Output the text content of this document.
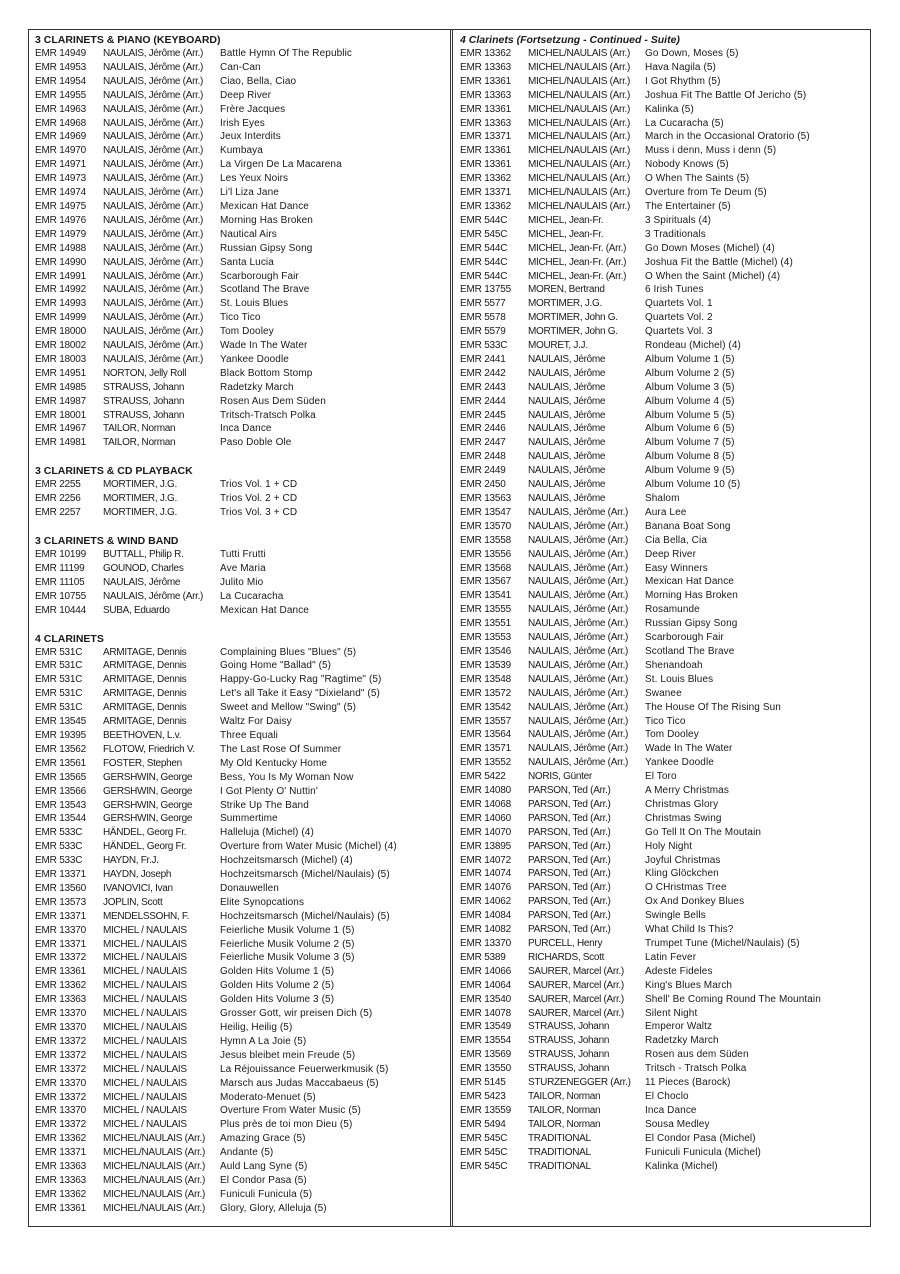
3 CLARINETS & PIANO (KEYBOARD)
EMR 14949	NAULAIS, Jérôme (Arr.)	Battle Hymn Of The Republic
EMR 14953	NAULAIS, Jérôme (Arr.)	Can-Can
EMR 14954	NAULAIS, Jérôme (Arr.)	Ciao, Bella, Ciao
EMR 14955	NAULAIS, Jérôme (Arr.)	Deep River
EMR 14963	NAULAIS, Jérôme (Arr.)	Frère Jacques
EMR 14968	NAULAIS, Jérôme (Arr.)	Irish Eyes
EMR 14969	NAULAIS, Jérôme (Arr.)	Jeux Interdits
EMR 14970	NAULAIS, Jérôme (Arr.)	Kumbaya
EMR 14971	NAULAIS, Jérôme (Arr.)	La Virgen De La Macarena
EMR 14973	NAULAIS, Jérôme (Arr.)	Les Yeux Noirs
EMR 14974	NAULAIS, Jérôme (Arr.)	Li'l Liza Jane
EMR 14975	NAULAIS, Jérôme (Arr.)	Mexican Hat Dance
EMR 14976	NAULAIS, Jérôme (Arr.)	Morning Has Broken
EMR 14979	NAULAIS, Jérôme (Arr.)	Nautical Airs
EMR 14988	NAULAIS, Jérôme (Arr.)	Russian Gipsy Song
EMR 14990	NAULAIS, Jérôme (Arr.)	Santa Lucia
EMR 14991	NAULAIS, Jérôme (Arr.)	Scarborough Fair
EMR 14992	NAULAIS, Jérôme (Arr.)	Scotland The Brave
EMR 14993	NAULAIS, Jérôme (Arr.)	St. Louis Blues
EMR 14999	NAULAIS, Jérôme (Arr.)	Tico Tico
EMR 18000	NAULAIS, Jérôme (Arr.)	Tom Dooley
EMR 18002	NAULAIS, Jérôme (Arr.)	Wade In The Water
EMR 18003	NAULAIS, Jérôme (Arr.)	Yankee Doodle
EMR 14951	NORTON, Jelly Roll	Black Bottom Stomp
EMR 14985	STRAUSS, Johann	Radetzky March
EMR 14987	STRAUSS, Johann	Rosen Aus Dem Süden
EMR 18001	STRAUSS, Johann	Tritsch-Tratsch Polka
EMR 14967	TAILOR, Norman	Inca Dance
EMR 14981	TAILOR, Norman	Paso Doble Ole
3 CLARINETS & CD PLAYBACK
EMR 2255	MORTIMER, J.G.	Trios Vol. 1 + CD
EMR 2256	MORTIMER, J.G.	Trios Vol. 2 + CD
EMR 2257	MORTIMER, J.G.	Trios Vol. 3 + CD
3 CLARINETS & WIND BAND
EMR 10199	BUTTALL, Philip R.	Tutti Frutti
EMR 11199	GOUNOD, Charles	Ave Maria
EMR 11105	NAULAIS, Jérôme	Julito Mio
EMR 10755	NAULAIS, Jérôme (Arr.)	La Cucaracha
EMR 10444	SUBA, Eduardo	Mexican Hat Dance
4 CLARINETS
EMR 531C	ARMITAGE, Dennis	Complaining Blues "Blues" (5)
EMR 531C	ARMITAGE, Dennis	Going Home "Ballad" (5)
EMR 531C	ARMITAGE, Dennis	Happy-Go-Lucky Rag "Ragtime" (5)
EMR 531C	ARMITAGE, Dennis	Let's all Take it Easy "Dixieland" (5)
EMR 531C	ARMITAGE, Dennis	Sweet and Mellow "Swing" (5)
EMR 13545	ARMITAGE, Dennis	Waltz For Daisy
EMR 19395	BEETHOVEN, L.v.	Three Equali
EMR 13562	FLOTOW, Friedrich V.	The Last Rose Of Summer
EMR 13561	FOSTER, Stephen	My Old Kentucky Home
EMR 13565	GERSHWIN, George	Bess, You Is My Woman Now
EMR 13566	GERSHWIN, George	I Got Plenty O' Nuttin'
EMR 13543	GERSHWIN, George	Strike Up The Band
EMR 13544	GERSHWIN, George	Summertime
EMR 533C	HÄNDEL, Georg Fr.	Halleluja (Michel) (4)
EMR 533C	HÄNDEL, Georg Fr.	Overture from Water Music (Michel) (4)
EMR 533C	HAYDN, Fr.J.	Hochzeitsmarsch (Michel) (4)
EMR 13371	HAYDN, Joseph	Hochzeitsmarsch (Michel/Naulais) (5)
EMR 13560	IVANOVICI, Ivan	Donauwellen
EMR 13573	JOPLIN, Scott	Elite Synopcations
EMR 13371	MENDELSSOHN, F.	Hochzeitsmarsch (Michel/Naulais) (5)
EMR 13370	MICHEL / NAULAIS	Feierliche Musik Volume 1 (5)
EMR 13371	MICHEL / NAULAIS	Feierliche Musik Volume 2 (5)
EMR 13372	MICHEL / NAULAIS	Feierliche Musik Volume 3 (5)
EMR 13361	MICHEL / NAULAIS	Golden Hits Volume 1 (5)
EMR 13362	MICHEL / NAULAIS	Golden Hits Volume 2 (5)
EMR 13363	MICHEL / NAULAIS	Golden Hits Volume 3 (5)
EMR 13370	MICHEL / NAULAIS	Grosser Gott, wir preisen Dich (5)
EMR 13370	MICHEL / NAULAIS	Heilig, Heilig (5)
EMR 13372	MICHEL / NAULAIS	Hymn A La Joie (5)
EMR 13372	MICHEL / NAULAIS	Jesus bleibet mein Freude (5)
EMR 13372	MICHEL / NAULAIS	La Réjouissance Feuerwerkmusik (5)
EMR 13370	MICHEL / NAULAIS	Marsch aus Judas Maccabaeus (5)
EMR 13372	MICHEL / NAULAIS	Moderato-Menuet (5)
EMR 13370	MICHEL / NAULAIS	Overture From Water Music (5)
EMR 13372	MICHEL / NAULAIS	Plus près de toi mon Dieu (5)
EMR 13362	MICHEL/NAULAIS (Arr.)	Amazing Grace (5)
EMR 13371	MICHEL/NAULAIS (Arr.)	Andante (5)
EMR 13363	MICHEL/NAULAIS (Arr.)	Auld Lang Syne (5)
EMR 13363	MICHEL/NAULAIS (Arr.)	El Condor Pasa (5)
EMR 13362	MICHEL/NAULAIS (Arr.)	Funiculi Funicula (5)
EMR 13361	MICHEL/NAULAIS (Arr.)	Glory, Glory, Alleluja (5)
4 Clarinets (Fortsetzung - Continued - Suite)
EMR 13362	MICHEL/NAULAIS (Arr.)	Go Down, Moses (5)
EMR 13363	MICHEL/NAULAIS (Arr.)	Hava Nagila (5)
EMR 13361	MICHEL/NAULAIS (Arr.)	I Got Rhythm (5)
EMR 13363	MICHEL/NAULAIS (Arr.)	Joshua Fit The Battle Of Jericho (5)
EMR 13361	MICHEL/NAULAIS (Arr.)	Kalinka (5)
EMR 13363	MICHEL/NAULAIS (Arr.)	La Cucaracha (5)
EMR 13371	MICHEL/NAULAIS (Arr.)	March in the Occasional Oratorio (5)
EMR 13361	MICHEL/NAULAIS (Arr.)	Muss i denn, Muss i denn (5)
EMR 13361	MICHEL/NAULAIS (Arr.)	Nobody Knows (5)
EMR 13362	MICHEL/NAULAIS (Arr.)	O When The Saints (5)
EMR 13371	MICHEL/NAULAIS (Arr.)	Overture from Te Deum (5)
EMR 13362	MICHEL/NAULAIS (Arr.)	The Entertainer (5)
EMR 544C	MICHEL, Jean-Fr.	3 Spirituals (4)
EMR 545C	MICHEL, Jean-Fr.	3 Traditionals
EMR 544C	MICHEL, Jean-Fr. (Arr.)	Go Down Moses (Michel) (4)
EMR 544C	MICHEL, Jean-Fr. (Arr.)	Joshua Fit the Battle (Michel) (4)
EMR 544C	MICHEL, Jean-Fr. (Arr.)	O When the Saint (Michel) (4)
EMR 13755	MOREN, Bertrand	6 Irish Tunes
EMR 5577	MORTIMER, J.G.	Quartets Vol. 1
EMR 5578	MORTIMER, John G.	Quartets Vol. 2
EMR 5579	MORTIMER, John G.	Quartets Vol. 3
EMR 533C	MOURET, J.J.	Rondeau (Michel) (4)
EMR 2441	NAULAIS, Jérôme	Album Volume 1 (5)
EMR 2442	NAULAIS, Jérôme	Album Volume 2 (5)
EMR 2443	NAULAIS, Jérôme	Album Volume 3 (5)
EMR 2444	NAULAIS, Jérôme	Album Volume 4 (5)
EMR 2445	NAULAIS, Jérôme	Album Volume 5 (5)
EMR 2446	NAULAIS, Jérôme	Album Volume 6 (5)
EMR 2447	NAULAIS, Jérôme	Album Volume 7 (5)
EMR 2448	NAULAIS, Jérôme	Album Volume 8 (5)
EMR 2449	NAULAIS, Jérôme	Album Volume 9 (5)
EMR 2450	NAULAIS, Jérôme	Album Volume 10 (5)
EMR 13563	NAULAIS, Jérôme	Shalom
EMR 13547	NAULAIS, Jérôme (Arr.)	Aura Lee
EMR 13570	NAULAIS, Jérôme (Arr.)	Banana Boat Song
EMR 13558	NAULAIS, Jérôme (Arr.)	Cia Bella, Cia
EMR 13556	NAULAIS, Jérôme (Arr.)	Deep River
EMR 13568	NAULAIS, Jérôme (Arr.)	Easy Winners
EMR 13567	NAULAIS, Jérôme (Arr.)	Mexican Hat Dance
EMR 13541	NAULAIS, Jérôme (Arr.)	Morning Has Broken
EMR 13555	NAULAIS, Jérôme (Arr.)	Rosamunde
EMR 13551	NAULAIS, Jérôme (Arr.)	Russian Gipsy Song
EMR 13553	NAULAIS, Jérôme (Arr.)	Scarborough Fair
EMR 13546	NAULAIS, Jérôme (Arr.)	Scotland The Brave
EMR 13539	NAULAIS, Jérôme (Arr.)	Shenandoah
EMR 13548	NAULAIS, Jérôme (Arr.)	St. Louis Blues
EMR 13572	NAULAIS, Jérôme (Arr.)	Swanee
EMR 13542	NAULAIS, Jérôme (Arr.)	The House Of The Rising Sun
EMR 13557	NAULAIS, Jérôme (Arr.)	Tico Tico
EMR 13564	NAULAIS, Jérôme (Arr.)	Tom Dooley
EMR 13571	NAULAIS, Jérôme (Arr.)	Wade In The Water
EMR 13552	NAULAIS, Jérôme (Arr.)	Yankee Doodle
EMR 5422	NORIS, Günter	El Toro
EMR 14080	PARSON, Ted (Arr.)	A Merry Christmas
EMR 14068	PARSON, Ted (Arr.)	Christmas Glory
EMR 14060	PARSON, Ted (Arr.)	Christmas Swing
EMR 14070	PARSON, Ted (Arr.)	Go Tell It On The Moutain
EMR 13895	PARSON, Ted (Arr.)	Holy Night
EMR 14072	PARSON, Ted (Arr.)	Joyful Christmas
EMR 14074	PARSON, Ted (Arr.)	Kling Glöckchen
EMR 14076	PARSON, Ted (Arr.)	O CHristmas Tree
EMR 14062	PARSON, Ted (Arr.)	Ox And Donkey Blues
EMR 14084	PARSON, Ted (Arr.)	Swingle Bells
EMR 14082	PARSON, Ted (Arr.)	What Child Is This?
EMR 13370	PURCELL, Henry	Trumpet Tune (Michel/Naulais) (5)
EMR 5389	RICHARDS, Scott	Latin Fever
EMR 14066	SAURER, Marcel (Arr.)	Adeste Fideles
EMR 14064	SAURER, Marcel (Arr.)	King's Blues March
EMR 13540	SAURER, Marcel (Arr.)	Shell' Be Coming Round The Mountain
EMR 14078	SAURER, Marcel (Arr.)	Silent Night
EMR 13549	STRAUSS, Johann	Emperor Waltz
EMR 13554	STRAUSS, Johann	Radetzky March
EMR 13569	STRAUSS, Johann	Rosen aus dem Süden
EMR 13550	STRAUSS, Johann	Tritsch - Tratsch Polka
EMR 5145	STURZENEGGER (Arr.)	11 Pieces (Barock)
EMR 5423	TAILOR, Norman	El Choclo
EMR 13559	TAILOR, Norman	Inca Dance
EMR 5494	TAILOR, Norman	Sousa Medley
EMR 545C	TRADITIONAL	El Condor Pasa (Michel)
EMR 545C	TRADITIONAL	Funiculi Funicula (Michel)
EMR 545C	TRADITIONAL	Kalinka (Michel)
